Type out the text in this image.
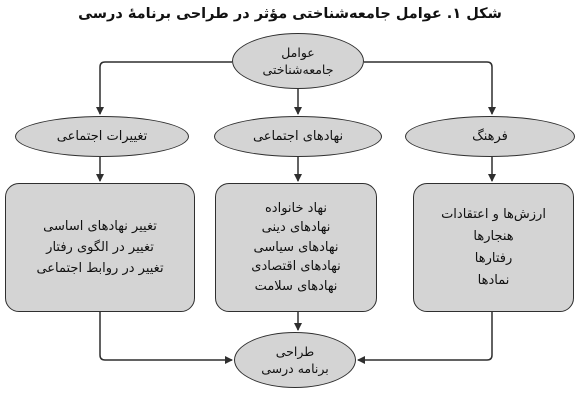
شکل ۱. عوامل جامعه‌شناختی مؤثر در طراحی برنامۀ درسی
عوامل
جامعه‌شناختی
تغییرات اجتماعی	نهادهای اجتماعی	فرهنگ
تغییر نهادهای اساسی
تغییر در الگوی رفتار
تغییر در روابط اجتماعی
نهاد خانواده
نهادهای دینی
نهادهای سیاسی
نهادهای اقتصادی
نهادهای سلامت
ارزش‌ها و اعتقادات
هنجارها
رفتارها
نمادها
طراحی
برنامه درسی
